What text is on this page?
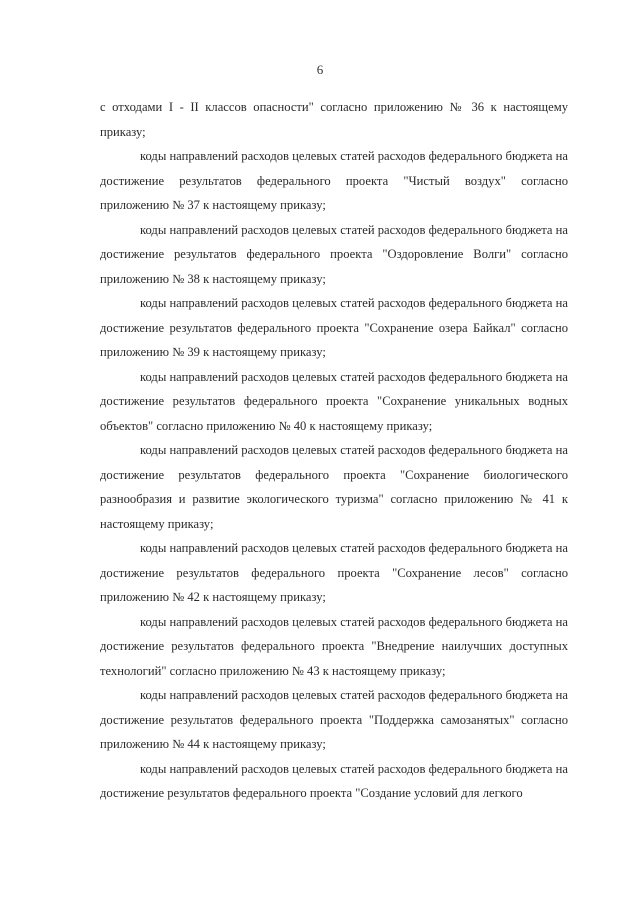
6

с отходами I - II классов опасности" согласно приложению № 36 к настоящему приказу;

коды направлений расходов целевых статей расходов федерального бюджета на достижение результатов федерального проекта "Чистый воздух" согласно приложению № 37 к настоящему приказу;

коды направлений расходов целевых статей расходов федерального бюджета на достижение результатов федерального проекта "Оздоровление Волги" согласно приложению № 38 к настоящему приказу;

коды направлений расходов целевых статей расходов федерального бюджета на достижение результатов федерального проекта "Сохранение озера Байкал" согласно приложению № 39 к настоящему приказу;

коды направлений расходов целевых статей расходов федерального бюджета на достижение результатов федерального проекта "Сохранение уникальных водных объектов" согласно приложению № 40 к настоящему приказу;

коды направлений расходов целевых статей расходов федерального бюджета на достижение результатов федерального проекта "Сохранение биологического разнообразия и развитие экологического туризма" согласно приложению № 41 к настоящему приказу;

коды направлений расходов целевых статей расходов федерального бюджета на достижение результатов федерального проекта "Сохранение лесов" согласно приложению № 42 к настоящему приказу;

коды направлений расходов целевых статей расходов федерального бюджета на достижение результатов федерального проекта "Внедрение наилучших доступных технологий" согласно приложению № 43 к настоящему приказу;

коды направлений расходов целевых статей расходов федерального бюджета на достижение результатов федерального проекта "Поддержка самозанятых" согласно приложению № 44 к настоящему приказу;

коды направлений расходов целевых статей расходов федерального бюджета на достижение результатов федерального проекта "Создание условий для легкого
